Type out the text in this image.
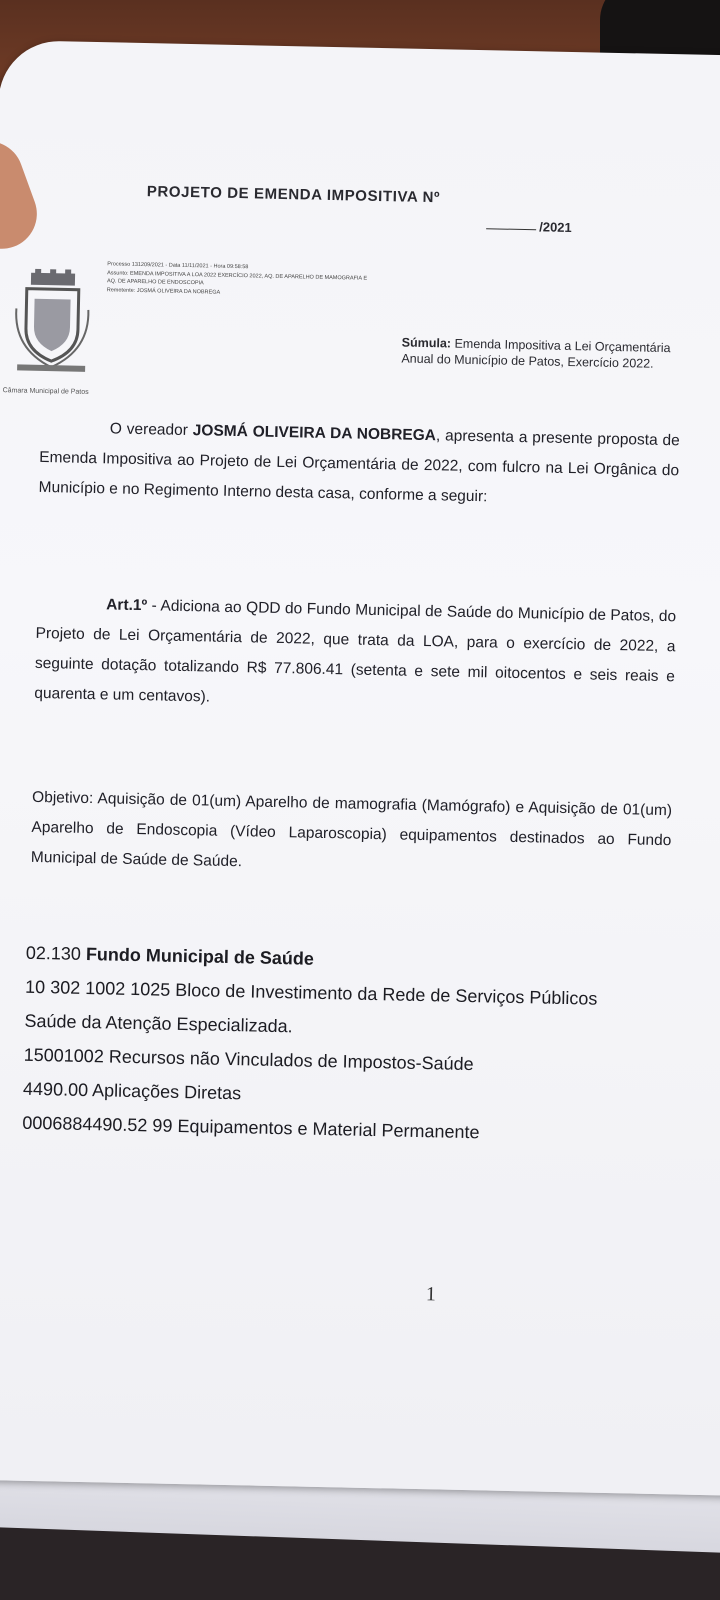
PROJETO DE EMENDA IMPOSITIVA Nº
/2021
Câmara Municipal de Patos
Processo 131209/2021 - Data 11/11/2021 - Hora 09:58:58
Assunto: EMENDA IMPOSITIVA A LOA 2022 EXERCÍCIO 2022, AQ. DE APARELHO DE MAMOGRAFIA E AQ. DE APARELHO DE ENDOSCOPIA
Remetente: JOSMÁ OLIVEIRA DA NOBREGA
Súmula: Emenda Impositiva a Lei Orçamentária Anual do Município de Patos, Exercício 2022.
O vereador JOSMÁ OLIVEIRA DA NOBREGA, apresenta a presente proposta de Emenda Impositiva ao Projeto de Lei Orçamentária de 2022, com fulcro na Lei Orgânica do Município e no Regimento Interno desta casa, conforme a seguir:
Art.1º - Adiciona ao QDD do Fundo Municipal de Saúde do Município de Patos, do Projeto de Lei Orçamentária de 2022, que trata da LOA, para o exercício de 2022, a seguinte dotação totalizando R$ 77.806.41 (setenta e sete mil oitocentos e seis reais e quarenta e um centavos).
Objetivo: Aquisição de 01(um) Aparelho de mamografia (Mamógrafo) e Aquisição de 01(um) Aparelho de Endoscopia (Vídeo Laparoscopia) equipamentos destinados ao Fundo Municipal de Saúde de Saúde.
02.130 Fundo Municipal de Saúde
10 302 1002 1025 Bloco de Investimento da Rede de Serviços Públicos
Saúde da Atenção Especializada.
15001002 Recursos não Vinculados de Impostos-Saúde
4490.00 Aplicações Diretas
0006884490.52 99 Equipamentos e Material Permanente
1
